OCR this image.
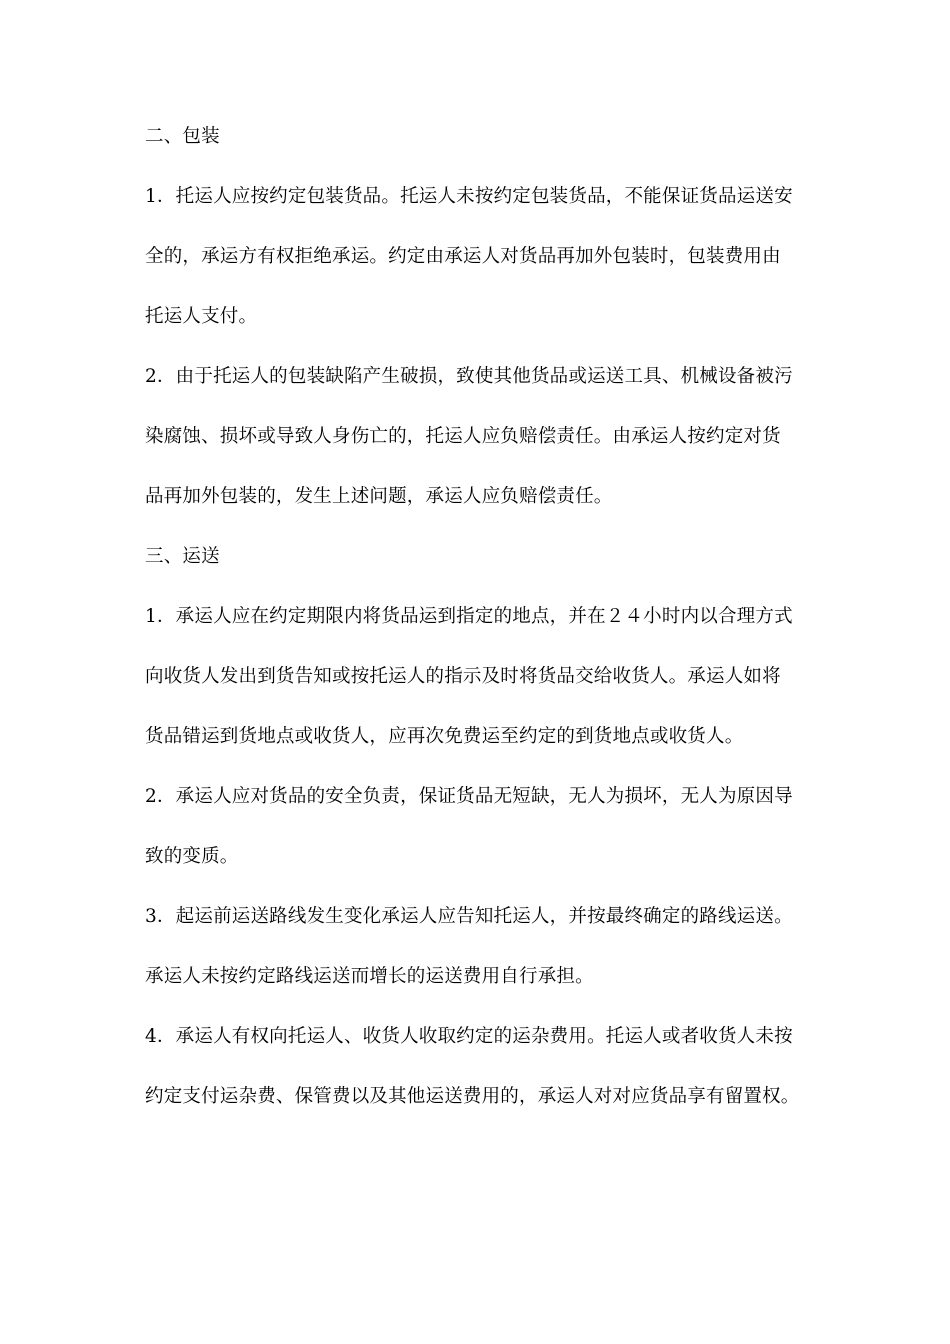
二、包装
1．托运人应按约定包装货品。托运人未按约定包装货品，不能保证货品运送安
全的，承运方有权拒绝承运。约定由承运人对货品再加外包装时，包装费用由
托运人支付。
2．由于托运人的包装缺陷产生破损，致使其他货品或运送工具、机械设备被污
染腐蚀、损坏或导致人身伤亡的，托运人应负赔偿责任。由承运人按约定对货
品再加外包装的，发生上述问题，承运人应负赔偿责任。
三、运送
1．承运人应在约定期限内将货品运到指定的地点，并在２４小时内以合理方式
向收货人发出到货告知或按托运人的指示及时将货品交给收货人。承运人如将
货品错运到货地点或收货人，应再次免费运至约定的到货地点或收货人。
2．承运人应对货品的安全负责，保证货品无短缺，无人为损坏，无人为原因导
致的变质。
3．起运前运送路线发生变化承运人应告知托运人，并按最终确定的路线运送。
承运人未按约定路线运送而增长的运送费用自行承担。
4．承运人有权向托运人、收货人收取约定的运杂费用。托运人或者收货人未按
约定支付运杂费、保管费以及其他运送费用的，承运人对对应货品享有留置权。
